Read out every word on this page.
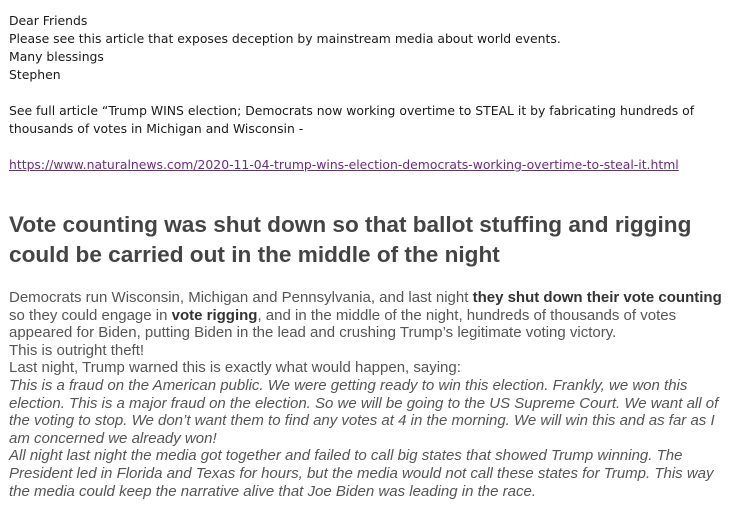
Dear Friends
Please see this article that exposes deception by mainstream media about world events.
Many blessings
Stephen
See full article “Trump WINS election; Democrats now working overtime to STEAL it by fabricating hundreds of thousands of votes in Michigan and Wisconsin -
https://www.naturalnews.com/2020-11-04-trump-wins-election-democrats-working-overtime-to-steal-it.html
Vote counting was shut down so that ballot stuffing and rigging could be carried out in the middle of the night

Democrats run Wisconsin, Michigan and Pennsylvania, and last night they shut down their vote counting so they could engage in vote rigging, and in the middle of the night, hundreds of thousands of votes appeared for Biden, putting Biden in the lead and crushing Trump’s legitimate voting victory.

This is outright theft!

Last night, Trump warned this is exactly what would happen, saying:

This is a fraud on the American public. We were getting ready to win this election. Frankly, we won this election. This is a major fraud on the election. So we will be going to the US Supreme Court. We want all of the voting to stop. We don’t want them to find any votes at 4 in the morning. We will win this and as far as I am concerned we already won!

All night last night the media got together and failed to call big states that showed Trump winning. The President led in Florida and Texas for hours, but the media would not call these states for Trump. This way the media could keep the narrative alive that Joe Biden was leading in the race.
